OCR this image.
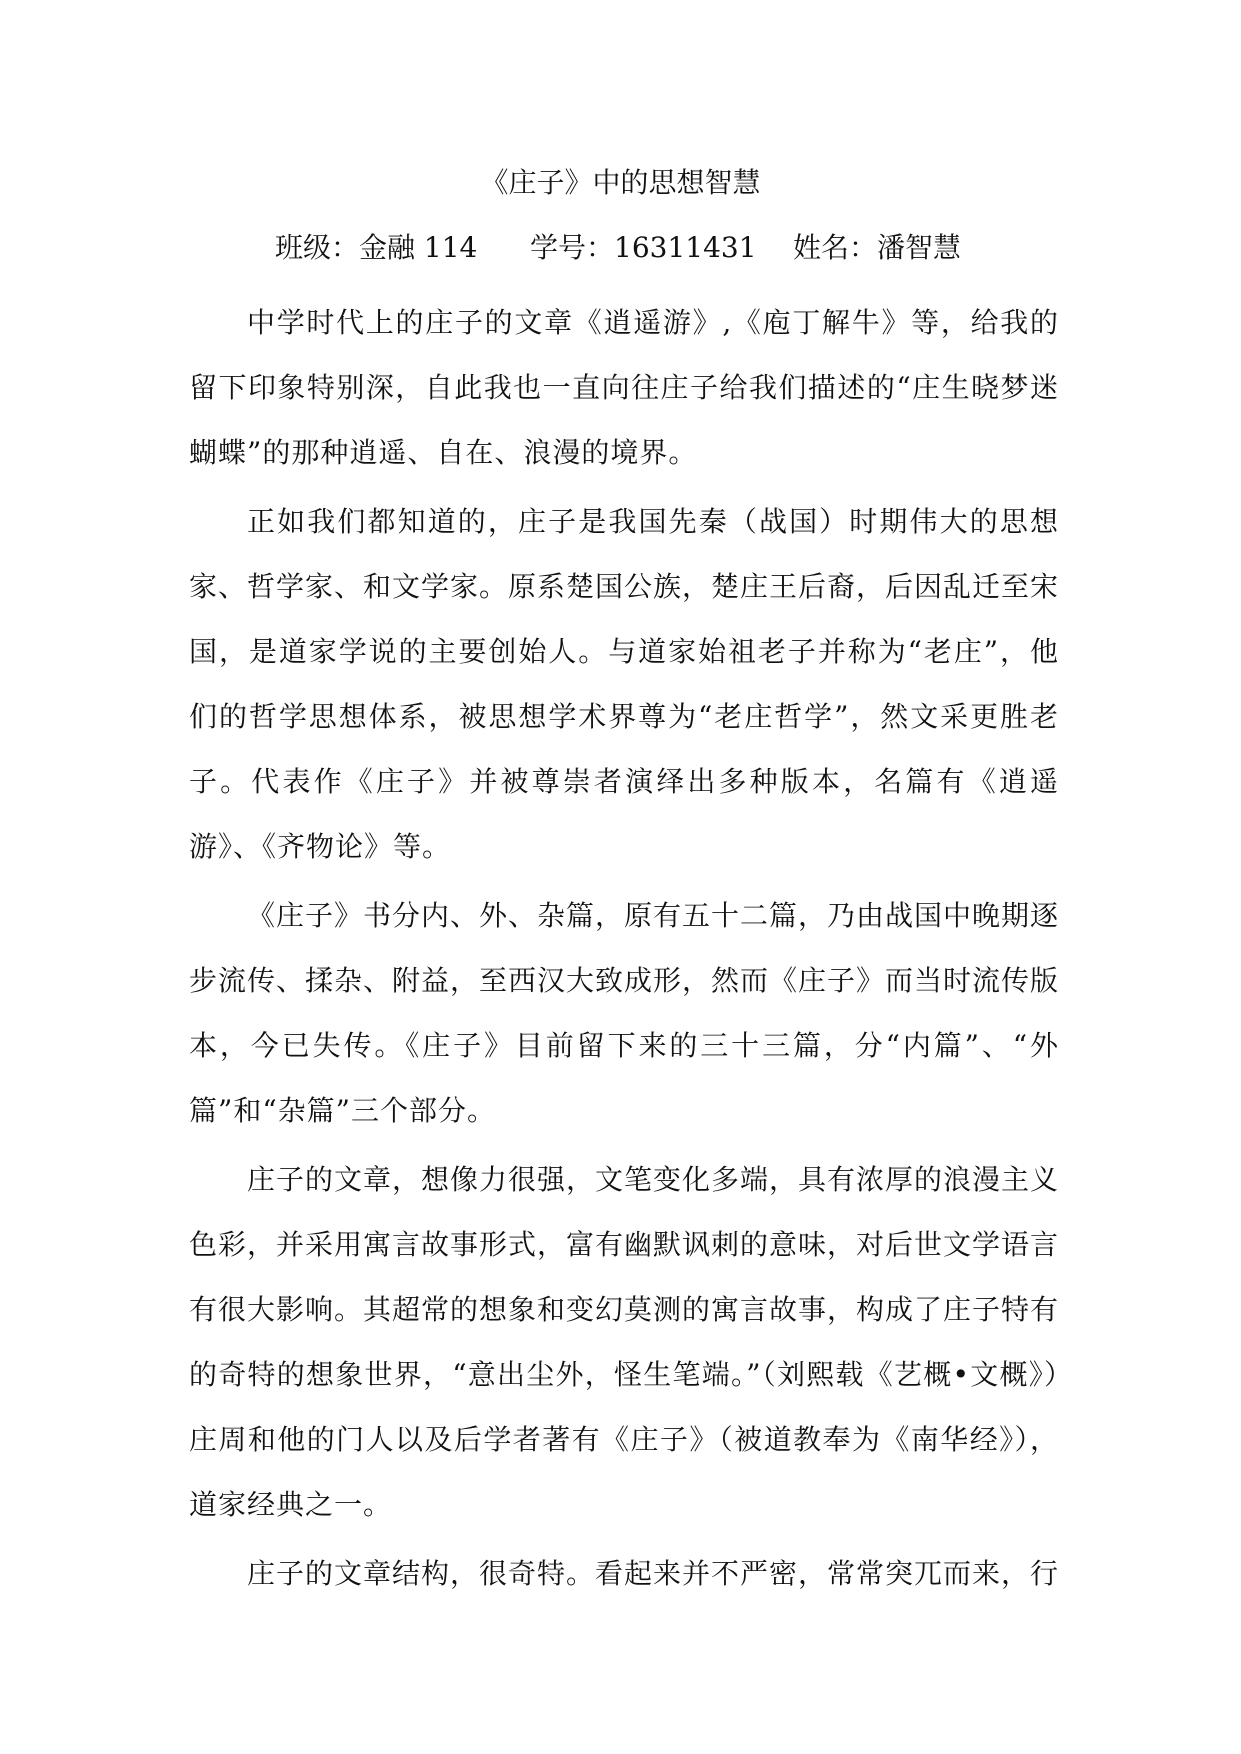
《庄子》中的思想智慧
班级：金融 114 学号：16311431 姓名：潘智慧

中学时代上的庄子的文章《逍遥游》,《庖丁解牛》等，给我的留下印象特别深，自此我也一直向往庄子给我们描述的“庄生晓梦迷蝴蝶”的那种逍遥、自在、浪漫的境界。

正如我们都知道的，庄子是我国先秦（战国）时期伟大的思想家、哲学家、和文学家。原系楚国公族，楚庄王后裔，后因乱迁至宋国，是道家学说的主要创始人。与道家始祖老子并称为“老庄”，他们的哲学思想体系，被思想学术界尊为“老庄哲学”，然文采更胜老子。代表作《庄子》并被尊崇者演绎出多种版本，名篇有《逍遥游》、《齐物论》等。

《庄子》书分内、外、杂篇，原有五十二篇，乃由战国中晚期逐步流传、揉杂、附益，至西汉大致成形，然而《庄子》而当时流传版本，今已失传。《庄子》目前留下来的三十三篇，分“内篇”、“外篇”和“杂篇”三个部分。

庄子的文章，想像力很强，文笔变化多端，具有浓厚的浪漫主义色彩，并采用寓言故事形式，富有幽默讽刺的意味，对后世文学语言有很大影响。其超常的想象和变幻莫测的寓言故事，构成了庄子特有的奇特的想象世界，“意出尘外，怪生笔端。”（刘熙载《艺概•文概》）庄周和他的门人以及后学者著有《庄子》（被道教奉为《南华经》），道家经典之一。

庄子的文章结构，很奇特。看起来并不严密，常常突兀而来，行
